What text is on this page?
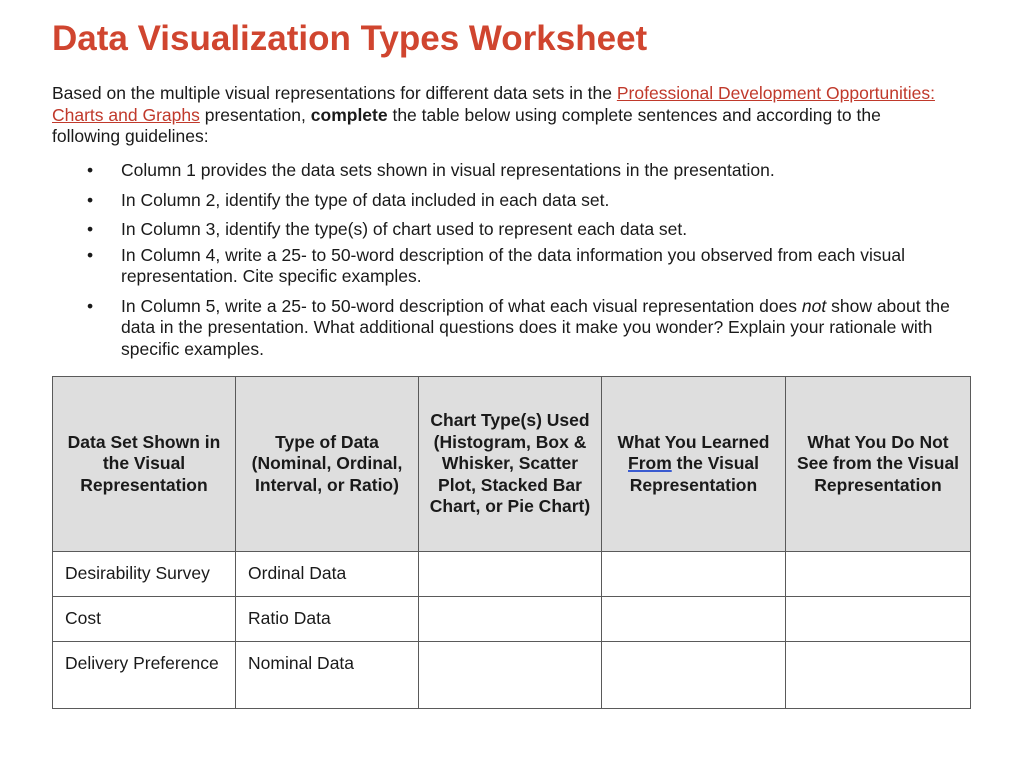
Data Visualization Types Worksheet

Based on the multiple visual representations for different data sets in the Professional Development Opportunities: Charts and Graphs presentation, complete the table below using complete sentences and according to the following guidelines:

• Column 1 provides the data sets shown in visual representations in the presentation.
• In Column 2, identify the type of data included in each data set.
• In Column 3, identify the type(s) of chart used to represent each data set.
• In Column 4, write a 25- to 50-word description of the data information you observed from each visual representation. Cite specific examples.
• In Column 5, write a 25- to 50-word description of what each visual representation does not show about the data in the presentation. What additional questions does it make you wonder? Explain your rationale with specific examples.
Data Set Shown in the Visual Representation	Type of Data (Nominal, Ordinal, Interval, or Ratio)	Chart Type(s) Used (Histogram, Box & Whisker, Scatter Plot, Stacked Bar Chart, or Pie Chart)	What You Learned From the Visual Representation	What You Do Not See from the Visual Representation
Desirability Survey	Ordinal Data			
Cost	Ratio Data			
Delivery Preference	Nominal Data			
